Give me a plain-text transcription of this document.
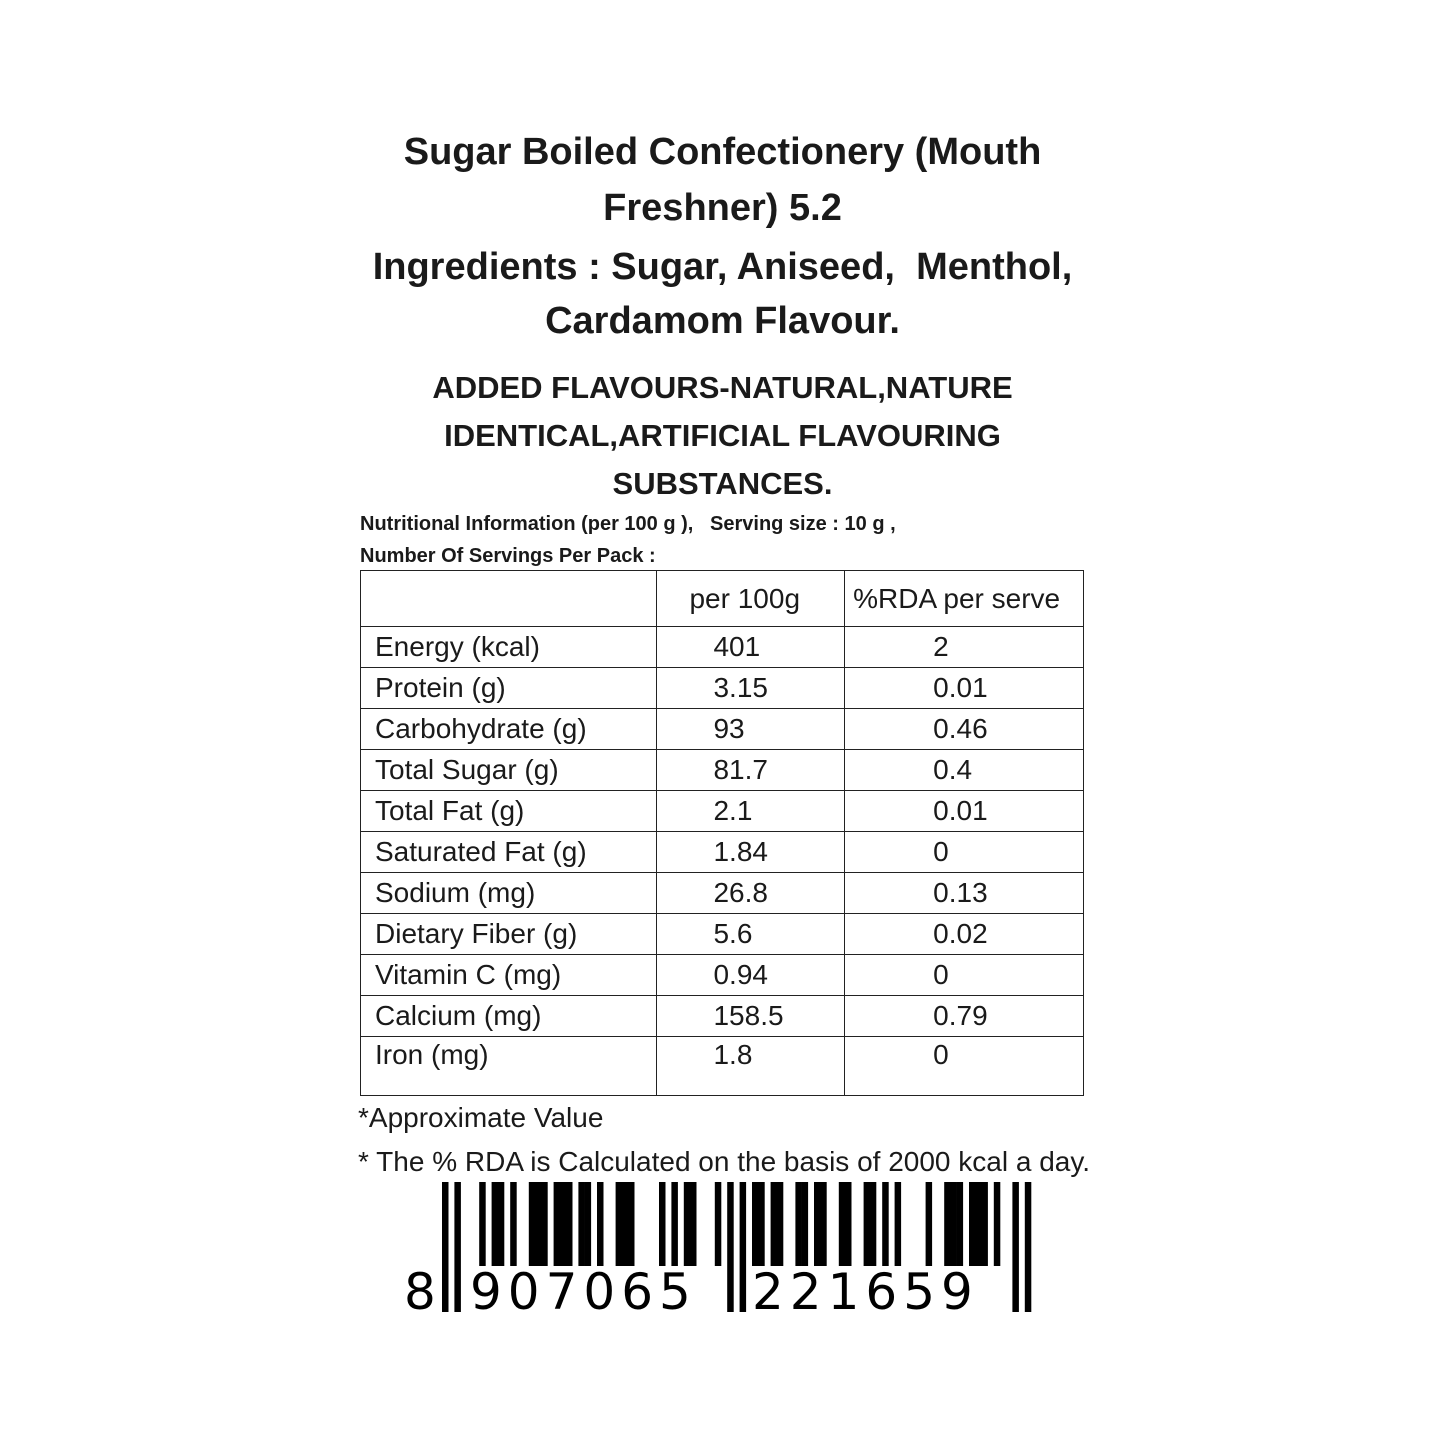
Sugar Boiled Confectionery (Mouth
Freshner) 5.2
Ingredients : Sugar, Aniseed,  Menthol,
Cardamom Flavour.
ADDED FLAVOURS-NATURAL,NATURE
IDENTICAL,ARTIFICIAL FLAVOURING
SUBSTANCES.
Nutritional Information (per 100 g ),   Serving size : 10 g ,
Number Of Servings Per Pack :
	per 100g	%RDA per serve
Energy (kcal)	401	2
Protein (g)	3.15	0.01
Carbohydrate (g)	93	0.46
Total Sugar (g)	81.7	0.4
Total Fat (g)	2.1	0.01
Saturated Fat (g)	1.84	0
Sodium (mg)	26.8	0.13
Dietary Fiber (g)	5.6	0.02
Vitamin C (mg)	0.94	0
Calcium (mg)	158.5	0.79
Iron (mg)	1.8	0

*Approximate Value

* The % RDA is Calculated on the basis of 2000 kcal a day.

8 907065 221659
